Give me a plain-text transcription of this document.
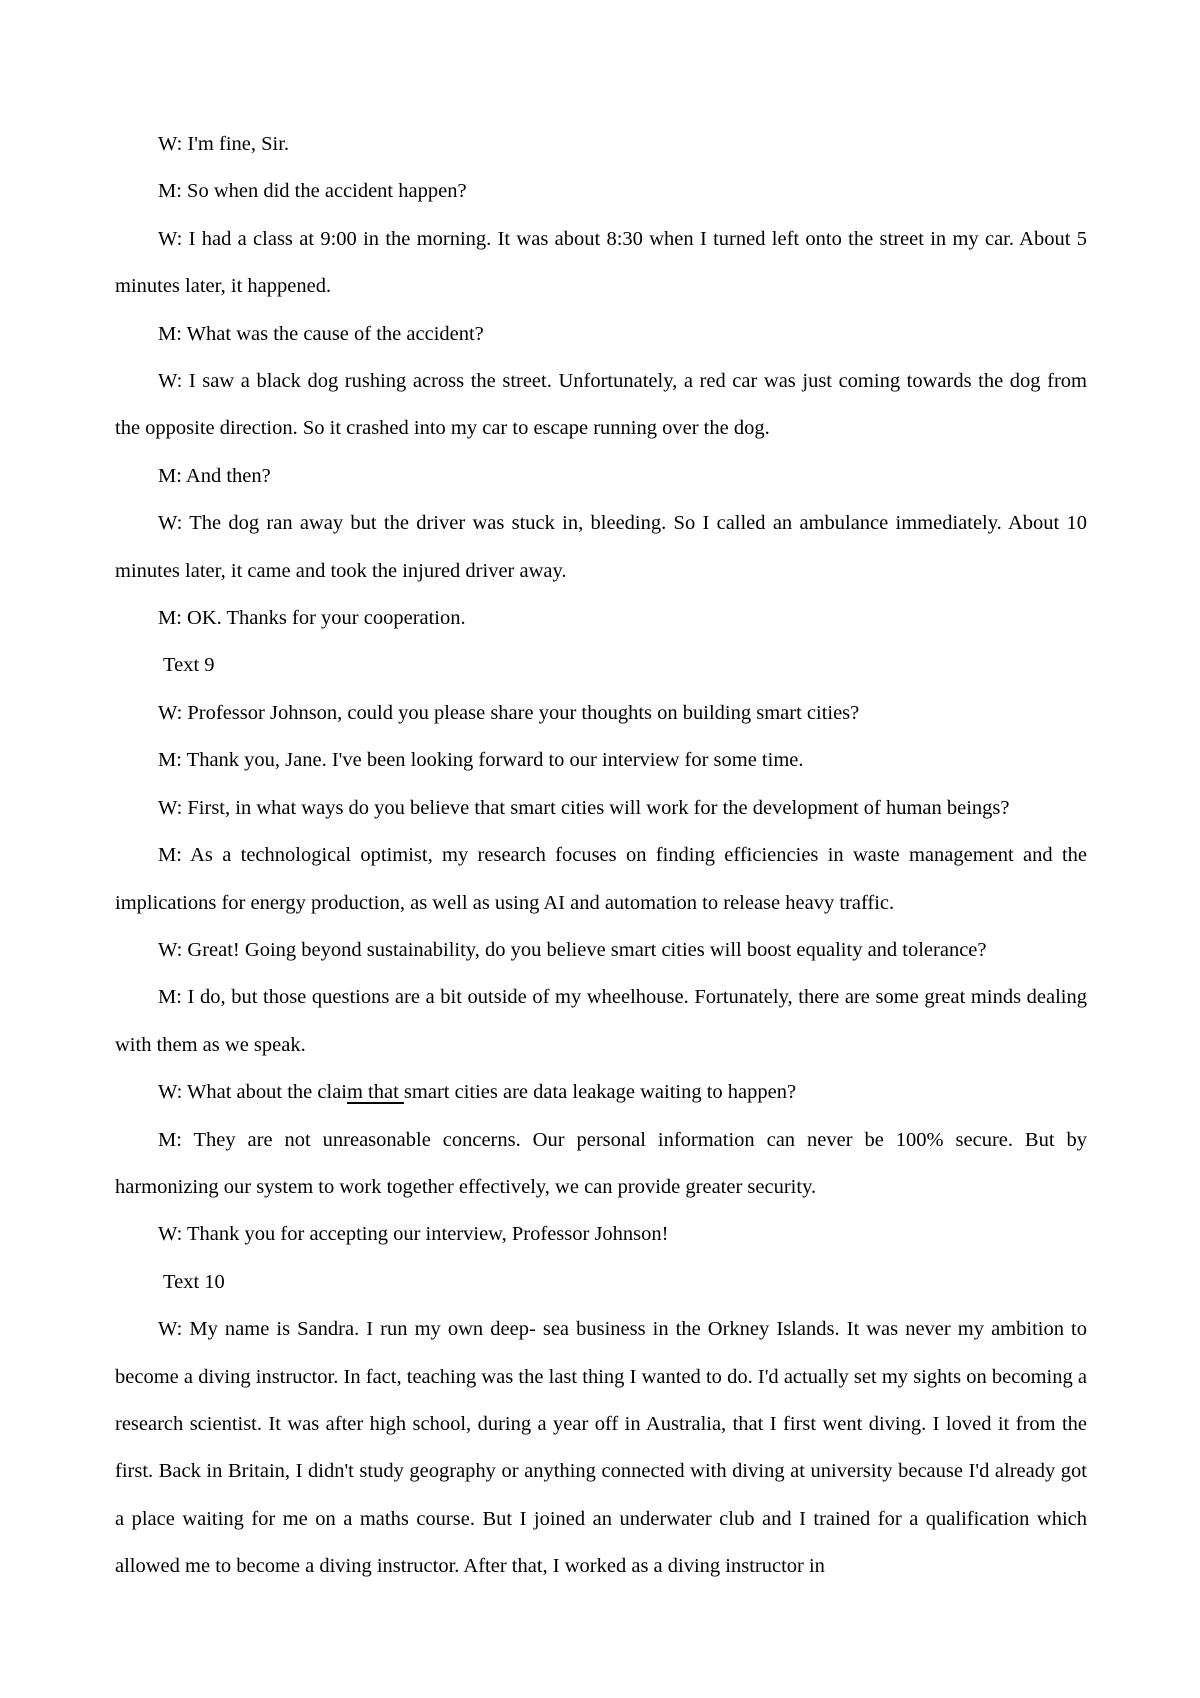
W: I'm fine, Sir.

M: So when did the accident happen?

W: I had a class at 9:00 in the morning. It was about 8:30 when I turned left onto the street in my car. About 5 minutes later, it happened.

M: What was the cause of the accident?

W: I saw a black dog rushing across the street. Unfortunately, a red car was just coming towards the dog from the opposite direction. So it crashed into my car to escape running over the dog.

M: And then?

W: The dog ran away but the driver was stuck in, bleeding. So I called an ambulance immediately. About 10 minutes later, it came and took the injured driver away.

M: OK. Thanks for your cooperation.

Text 9

W: Professor Johnson, could you please share your thoughts on building smart cities?

M: Thank you, Jane. I've been looking forward to our interview for some time.

W: First, in what ways do you believe that smart cities will work for the development of human beings?

M: As a technological optimist, my research focuses on finding efficiencies in waste management and the implications for energy production, as well as using AI and automation to release heavy traffic.

W: Great! Going beyond sustainability, do you believe smart cities will boost equality and tolerance?

M: I do, but those questions are a bit outside of my wheelhouse. Fortunately, there are some great minds dealing with them as we speak.

W: What about the claim that smart cities are data leakage waiting to happen?

M: They are not unreasonable concerns. Our personal information can never be 100% secure. But by harmonizing our system to work together effectively, we can provide greater security.

W: Thank you for accepting our interview, Professor Johnson!

Text 10

W: My name is Sandra. I run my own deep- sea business in the Orkney Islands. It was never my ambition to become a diving instructor. In fact, teaching was the last thing I wanted to do. I'd actually set my sights on becoming a research scientist. It was after high school, during a year off in Australia, that I first went diving. I loved it from the first. Back in Britain, I didn't study geography or anything connected with diving at university because I'd already got a place waiting for me on a maths course. But I joined an underwater club and I trained for a qualification which allowed me to become a diving instructor. After that, I worked as a diving instructor in
